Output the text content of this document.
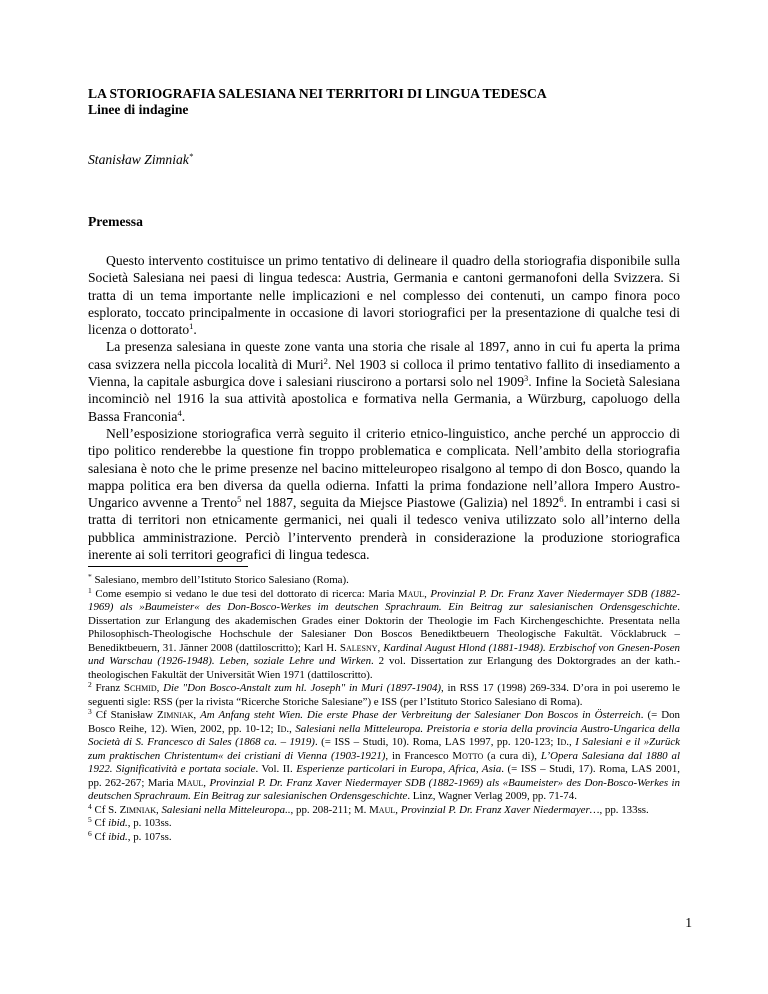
LA STORIOGRAFIA SALESIANA NEI TERRITORI DI LINGUA TEDESCA

Linee di indagine

Stanisław Zimniak*
Premessa

Questo intervento costituisce un primo tentativo di delineare il quadro della storiografia disponibile sulla Società Salesiana nei paesi di lingua tedesca: Austria, Germania e cantoni germanofoni della Svizzera. Si tratta di un tema importante nelle implicazioni e nel complesso dei contenuti, un campo finora poco esplorato, toccato principalmente in occasione di lavori storiografici per la presentazione di qualche tesi di licenza o dottorato$^1$.

La presenza salesiana in queste zone vanta una storia che risale al 1897, anno in cui fu aperta la prima casa svizzera nella piccola località di Muri$^2$. Nel 1903 si colloca il primo tentativo fallito di insediamento a Vienna, la capitale asburgica dove i salesiani riuscirono a portarsi solo nel 1909$^3$. Infine la Società Salesiana incominciò nel 1916 la sua attività apostolica e formativa nella Germania, a Würzburg, capoluogo della Bassa Franconia$^4$.

Nell’esposizione storiografica verrà seguito il criterio etnico-linguistico, anche perché un approccio di tipo politico renderebbe la questione fin troppo problematica e complicata. Nell’ambito della storiografia salesiana è noto che le prime presenze nel bacino mitteleuropeo risalgono al tempo di don Bosco, quando la mappa politica era ben diversa da quella odierna. Infatti la prima fondazione nell’allora Impero Austro-Ungarico avvenne a Trento$^5$ nel 1887, seguita da Miejsce Piastowe (Galizia) nel 1892$^6$. In entrambi i casi si tratta di territori non etnicamente germanici, nei quali il tedesco veniva utilizzato solo all’interno della pubblica amministrazione. Perciò l’intervento prenderà in considerazione la produzione storiografica inerente ai soli territori geografici di lingua tedesca.

* Salesiano, membro dell’Istituto Storico Salesiano (Roma).

$^1$ Come esempio si vedano le due tesi del dottorato di ricerca: Maria Maul, Provinzial P. Dr. Franz Xaver Niedermayer SDB (1882-1969) als »Baumeister« des Don-Bosco-Werkes im deutschen Sprachraum. Ein Beitrag zur salesianischen Ordensgeschichte. Dissertation zur Erlangung des akademischen Grades einer Doktorin der Theologie im Fach Kirchengeschichte. Presentata nella Philosophisch-Theologische Hochschule der Salesianer Don Boscos Benediktbeuern Theologische Fakultät. Vöcklabruck – Benediktbeuern, 31. Jänner 2008 (dattiloscritto); Karl H. Salesny, Kardinal August Hlond (1881-1948). Erzbischof von Gnesen-Posen und Warschau (1926-1948). Leben, soziale Lehre und Wirken. 2 vol. Dissertation zur Erlangung des Doktorgrades an der kath.-theologischen Fakultät der Universität Wien 1971 (dattiloscritto).

$^2$ Franz Schmid, Die "Don Bosco-Anstalt zum hl. Joseph" in Muri (1897-1904), in RSS 17 (1998) 269-334. D’ora in poi useremo le seguenti sigle: RSS (per la rivista “Ricerche Storiche Salesiane”) e ISS (per l’Istituto Storico Salesiano di Roma).

$^3$ Cf Stanisław Zimniak, Am Anfang steht Wien. Die erste Phase der Verbreitung der Salesianer Don Boscos in Österreich. (= Don Bosco Reihe, 12). Wien, 2002, pp. 10-12; Id., Salesiani nella Mitteleuropa. Preistoria e storia della provincia Austro-Ungarica della Società di S. Francesco di Sales (1868 ca. – 1919). (= ISS – Studi, 10). Roma, LAS 1997, pp. 120-123; Id., I Salesiani e il »Zurück zum praktischen Christentum« dei cristiani di Vienna (1903-1921), in Francesco Motto (a cura di), L’Opera Salesiana dal 1880 al 1922. Significatività e portata sociale. Vol. II. Esperienze particolari in Europa, Africa, Asia. (= ISS – Studi, 17). Roma, LAS 2001, pp. 262-267; Maria Maul, Provinzial P. Dr. Franz Xaver Niedermayer SDB (1882-1969) als «Baumeister» des Don-Bosco-Werkes in deutschen Sprachraum. Ein Beitrag zur salesianischen Ordensgeschichte. Linz, Wagner Verlag 2009, pp. 71-74.

$^4$ Cf S. Zimniak, Salesiani nella Mitteleuropa.., pp. 208-211; M. Maul, Provinzial P. Dr. Franz Xaver Niedermayer…, pp. 133ss.

$^5$ Cf ibid., p. 103ss.

$^6$ Cf ibid., p. 107ss.

1
